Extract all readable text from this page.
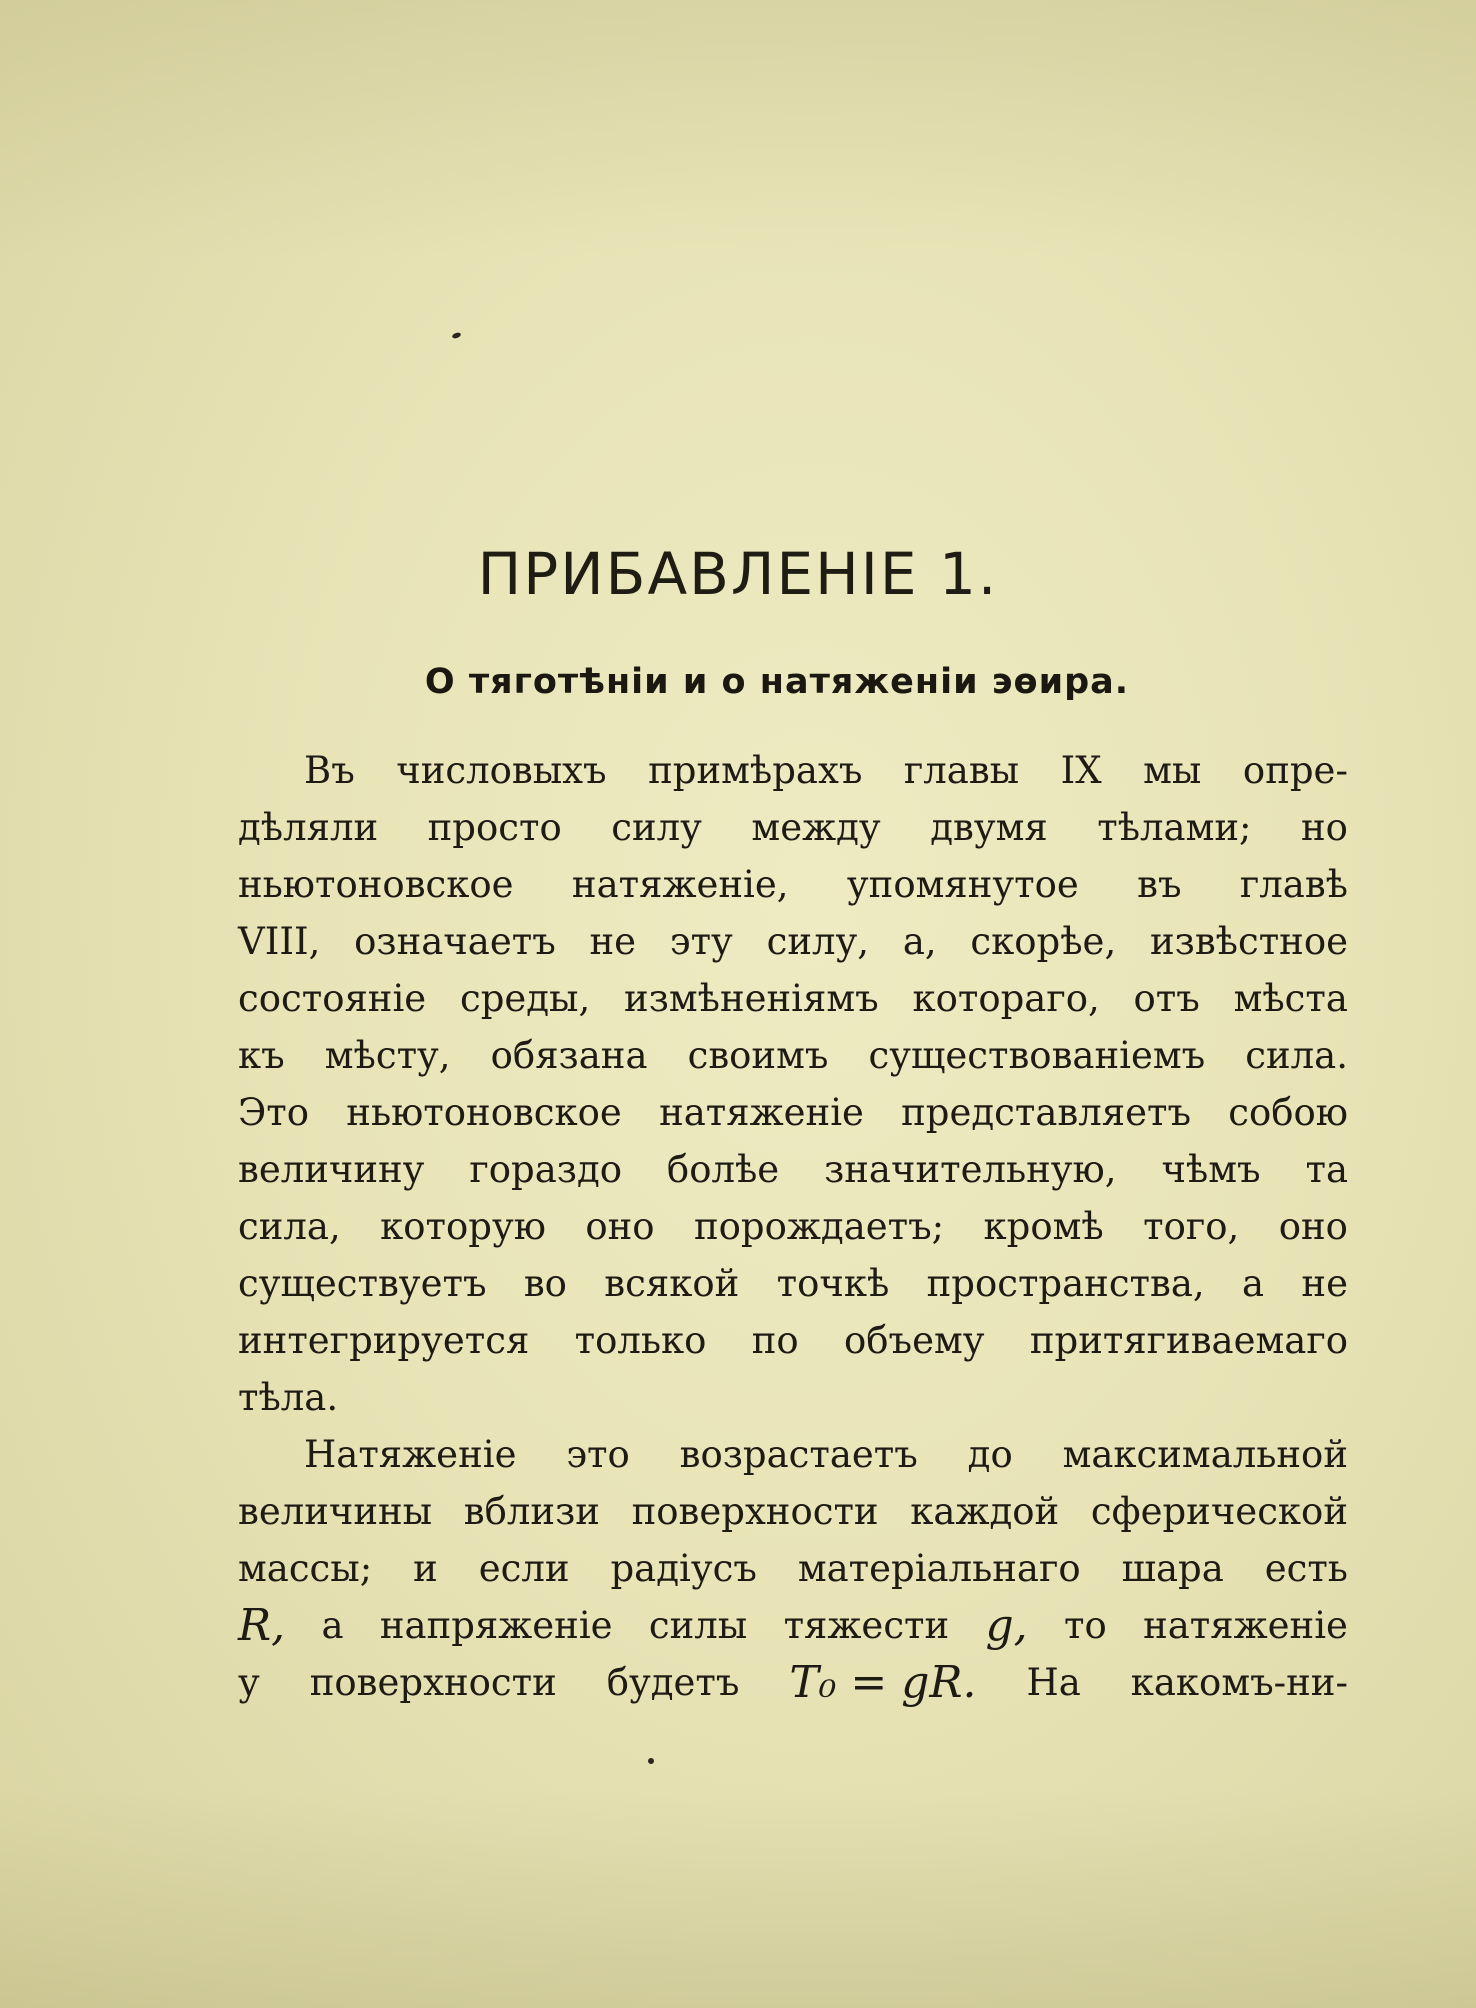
ПРИБАВЛЕНІЕ 1.
О тяготѣніи и о натяженіи эѳира.
Въ числовыхъ примѣрахъ главы IX мы опре-
дѣляли просто силу между двумя тѣлами; но
ньютоновское натяженіе, упомянутое въ главѣ
VIII, означаетъ не эту силу, а, скорѣе, извѣстное
состояніе среды, измѣненіямъ котораго, отъ мѣста
къ мѣсту, обязана своимъ существованіемъ сила.
Это ньютоновское натяженіе представляетъ собою
величину гораздо болѣе значительную, чѣмъ та
сила, которую оно порождаетъ; кромѣ того, оно
существуетъ во всякой точкѣ пространства, а не
интегрируется только по объему притягиваемаго
тѣла.
Натяженіе это возрастаетъ до максимальной
величины вблизи поверхности каждой сферической
массы; и если радіусъ матеріальнаго шара есть
R, а напряженіе силы тяжести g, то натяженіе
у поверхности будетъ T₀ = gR. На какомъ-ни-
